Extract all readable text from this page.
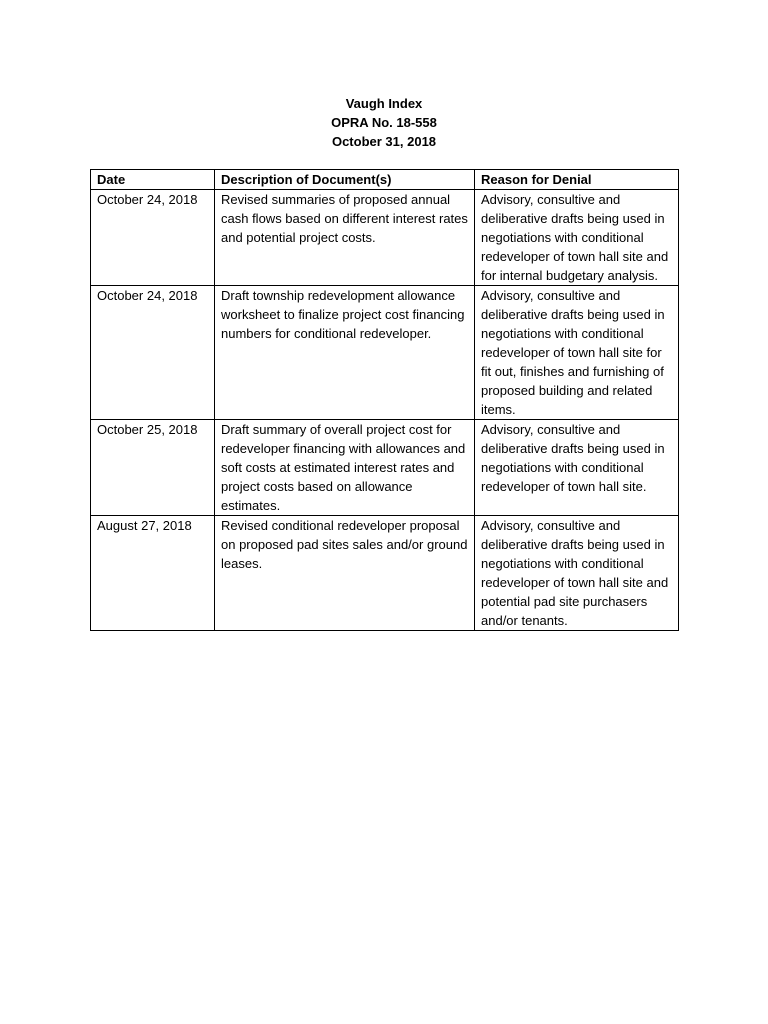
Vaugh Index
OPRA No. 18-558
October 31, 2018
Date	Description of Document(s)	Reason for Denial
October 24, 2018	Revised summaries of proposed annual cash flows based on different interest rates and potential project costs.	Advisory, consultive and deliberative drafts being used in negotiations with conditional redeveloper of town hall site and for internal budgetary analysis.
October 24, 2018	Draft township redevelopment allowance worksheet to finalize project cost financing numbers for conditional redeveloper.	Advisory, consultive and deliberative drafts being used in negotiations with conditional redeveloper of town hall site for fit out, finishes and furnishing of proposed building and related items.
October 25, 2018	Draft summary of overall project cost for redeveloper financing with allowances and soft costs at estimated interest rates and project costs based on allowance estimates.	Advisory, consultive and deliberative drafts being used in negotiations with conditional redeveloper of town hall site.
August 27, 2018	Revised conditional redeveloper proposal on proposed pad sites sales and/or ground leases.	Advisory, consultive and deliberative drafts being used in negotiations with conditional redeveloper of town hall site and potential pad site purchasers and/or tenants.
